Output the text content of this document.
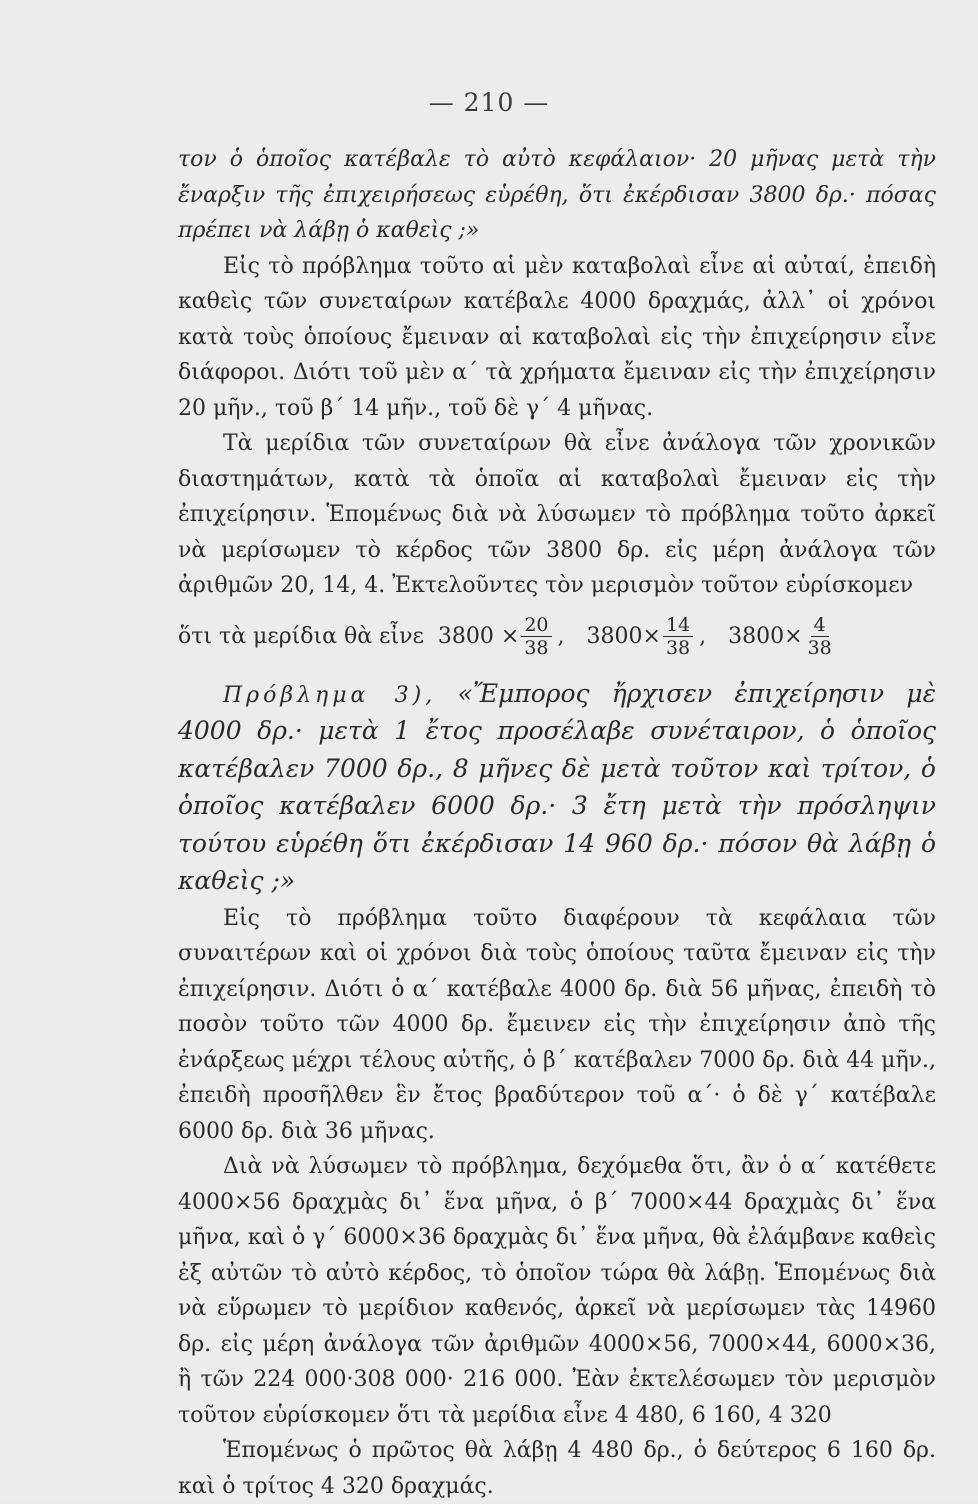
— 210 —

τον ὁ ὁποῖος κατέβαλε τὸ αὐτὸ κεφάλαιον· 20 μῆνας μετὰ τὴν ἔναρξιν τῆς ἐπιχειρήσεως εὑρέθη, ὅτι ἐκέρδισαν 3800 δρ.· πόσας πρέπει νὰ λάβῃ ὁ καθεὶς ;»

Εἰς τὸ πρόβλημα τοῦτο αἱ μὲν καταβολαὶ εἶνε αἱ αὐταί, ἐπειδὴ καθεὶς τῶν συνεταίρων κατέβαλε 4000 δραχμάς, ἀλλ᾽ οἱ χρόνοι κατὰ τοὺς ὁποίους ἔμειναν αἱ καταβολαὶ εἰς τὴν ἐπιχείρησιν εἶνε διάφοροι. Διότι τοῦ μὲν α΄ τὰ χρήματα ἔμειναν εἰς τὴν ἐπιχείρησιν 20 μῆν., τοῦ β΄ 14 μῆν., τοῦ δὲ γ΄ 4 μῆνας.

Τὰ μερίδια τῶν συνεταίρων θὰ εἶνε ἀνάλογα τῶν χρονικῶν διαστημάτων, κατὰ τὰ ὁποῖα αἱ καταβολαὶ ἔμειναν εἰς τὴν ἐπιχείρησιν. Ἑπομένως διὰ νὰ λύσωμεν τὸ πρόβλημα τοῦτο ἀρκεῖ νὰ μερίσωμεν τὸ κέρδος τῶν 3800 δρ. εἰς μέρη ἀνάλογα τῶν ἀριθμῶν 20, 14, 4. Ἐκτελοῦντες τὸν μερισμὸν τοῦτον εὑρίσκομεν

ὅτι τὰ μερίδια θὰ εἶνε $3800 \times \frac{20}{38}$ , $3800\times \frac{14}{38}$ , $3800\times \frac{4}{38}$

Πρόβλημα 3), «Ἔμπορος ἤρχισεν ἐπιχείρησιν μὲ 4000 δρ.· μετὰ 1 ἔτος προσέλαβε συνέταιρον, ὁ ὁποῖος κατέβαλεν 7000 δρ., 8 μῆνες δὲ μετὰ τοῦτον καὶ τρίτον, ὁ ὁποῖος κατέβαλεν 6000 δρ.· 3 ἔτη μετὰ τὴν πρόσληψιν τούτου εὑρέθη ὅτι ἐκέρδισαν 14 960 δρ.· πόσον θὰ λάβῃ ὁ καθεὶς ;»

Εἰς τὸ πρόβλημα τοῦτο διαφέρουν τὰ κεφάλαια τῶν συναιτέρων καὶ οἱ χρόνοι διὰ τοὺς ὁποίους ταῦτα ἔμειναν εἰς τὴν ἐπιχείρησιν. Διότι ὁ α΄ κατέβαλε 4000 δρ. διὰ 56 μῆνας, ἐπειδὴ τὸ ποσὸν τοῦτο τῶν 4000 δρ. ἔμεινεν εἰς τὴν ἐπιχείρησιν ἀπὸ τῆς ἐνάρξεως μέχρι τέλους αὐτῆς, ὁ β΄ κατέβαλεν 7000 δρ. διὰ 44 μῆν., ἐπειδὴ προσῆλθεν ἓν ἔτος βραδύτερον τοῦ α΄· ὁ δὲ γ΄ κατέβαλε 6000 δρ. διὰ 36 μῆνας.

Διὰ νὰ λύσωμεν τὸ πρόβλημα, δεχόμεθα ὅτι, ἂν ὁ α΄ κατέθετε 4000×56 δραχμὰς δι᾽ ἕνα μῆνα, ὁ β΄ 7000×44 δραχμὰς δι᾽ ἕνα μῆνα, καὶ ὁ γ΄ 6000×36 δραχμὰς δι᾽ ἕνα μῆνα, θὰ ἐλάμβανε καθεὶς ἐξ αὐτῶν τὸ αὐτὸ κέρδος, τὸ ὁποῖον τώρα θὰ λάβῃ. Ἑπομένως διὰ νὰ εὕρωμεν τὸ μερίδιον καθενός, ἀρκεῖ νὰ μερίσωμεν τὰς 14960 δρ. εἰς μέρη ἀνάλογα τῶν ἀριθμῶν 4000×56, 7000×44, 6000×36, ἢ τῶν 224 000·308 000· 216 000. Ἐὰν ἐκτελέσωμεν τὸν μερισμὸν τοῦτον εὑρίσκομεν ὅτι τὰ μερίδια εἶνε 4 480, 6 160, 4 320

Ἑπομένως ὁ πρῶτος θὰ λάβῃ 4 480 δρ., ὁ δεύτερος 6 160 δρ. καὶ ὁ τρίτος 4 320 δραχμάς.
